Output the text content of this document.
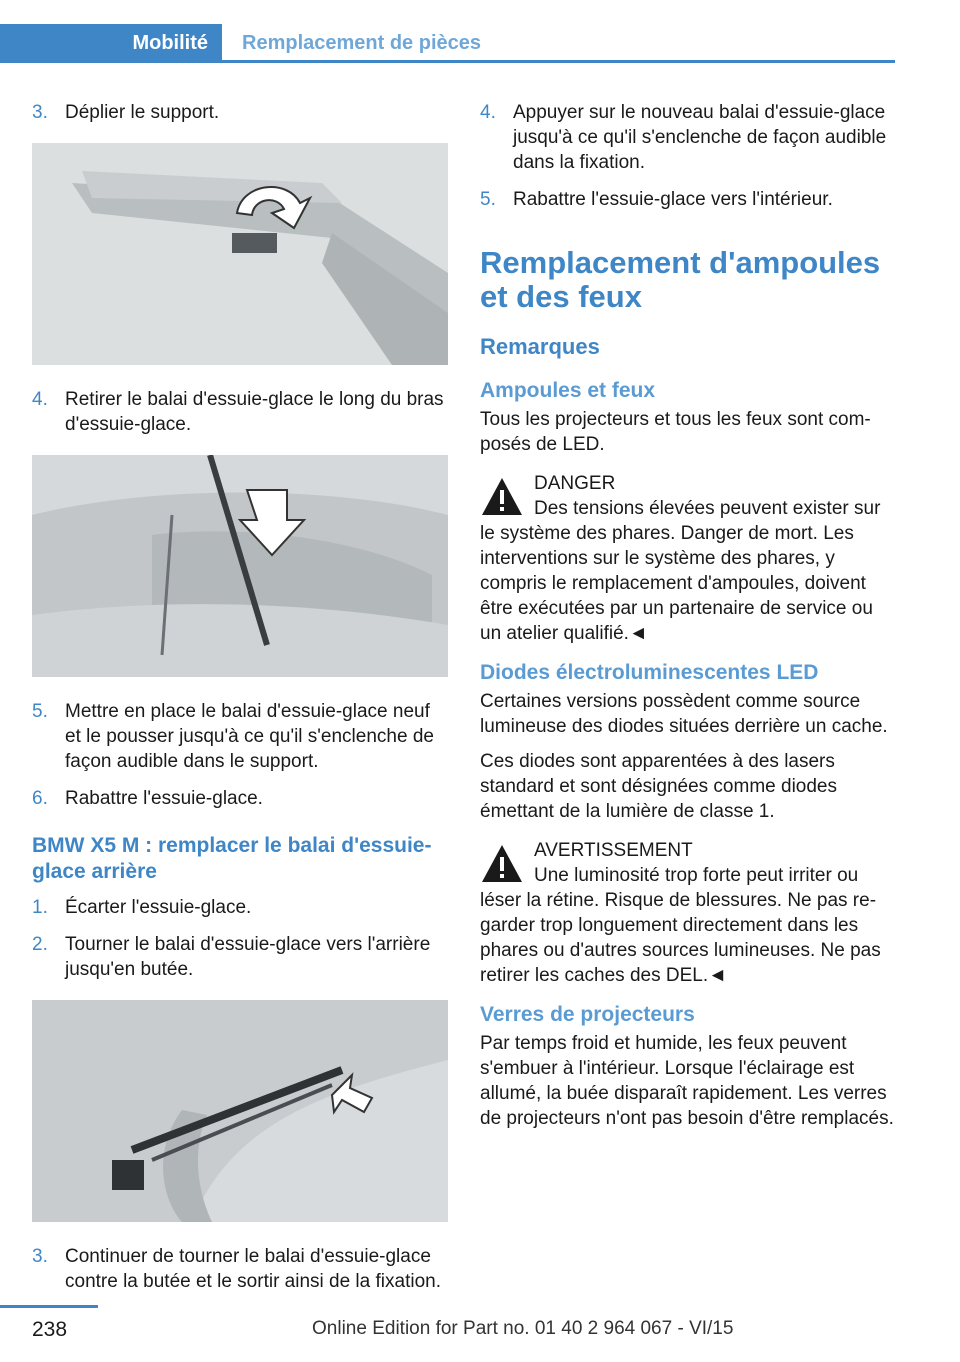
Mobilité	Remplacement de pièces
3. Déplier le support.
4. Retirer le balai d'essuie-glace le long du bras d'essuie-glace.
5. Mettre en place le balai d'essuie-glace neuf et le pousser jusqu'à ce qu'il s'enclenche de façon audible dans le support.
6. Rabattre l'essuie-glace.
BMW X5 M : remplacer le balai d'essuie-glace arrière
1. Écarter l'essuie-glace.
2. Tourner le balai d'essuie-glace vers l'arrière jusqu'en butée.
3. Continuer de tourner le balai d'essuie-glace contre la butée et le sortir ainsi de la fixation.
4. Appuyer sur le nouveau balai d'essuie-glace jusqu'à ce qu'il s'enclenche de façon audible dans la fixation.
5. Rabattre l'essuie-glace vers l'intérieur.
Remplacement d'ampoules et des feux
Remarques
Ampoules et feux
Tous les projecteurs et tous les feux sont composés de LED.
DANGER
Des tensions élevées peuvent exister sur
le système des phares. Danger de mort. Les interventions sur le système des phares, y compris le remplacement d'ampoules, doivent être exécutées par un partenaire de service ou un atelier qualifié.◄
Diodes électroluminescentes LED
Certaines versions possèdent comme source lumineuse des diodes situées derrière un cache.
Ces diodes sont apparentées à des lasers standard et sont désignées comme diodes émettant de la lumière de classe 1.
AVERTISSEMENT
Une luminosité trop forte peut irriter ou
léser la rétine. Risque de blessures. Ne pas regarder trop longuement directement dans les phares ou d'autres sources lumineuses. Ne pas retirer les caches des DEL.◄
Verres de projecteurs
Par temps froid et humide, les feux peuvent s'embuer à l'intérieur. Lorsque l'éclairage est allumé, la buée disparaît rapidement. Les verres de projecteurs n'ont pas besoin d'être remplacés.
238	Online Edition for Part no. 01 40 2 964 067 - VI/15
